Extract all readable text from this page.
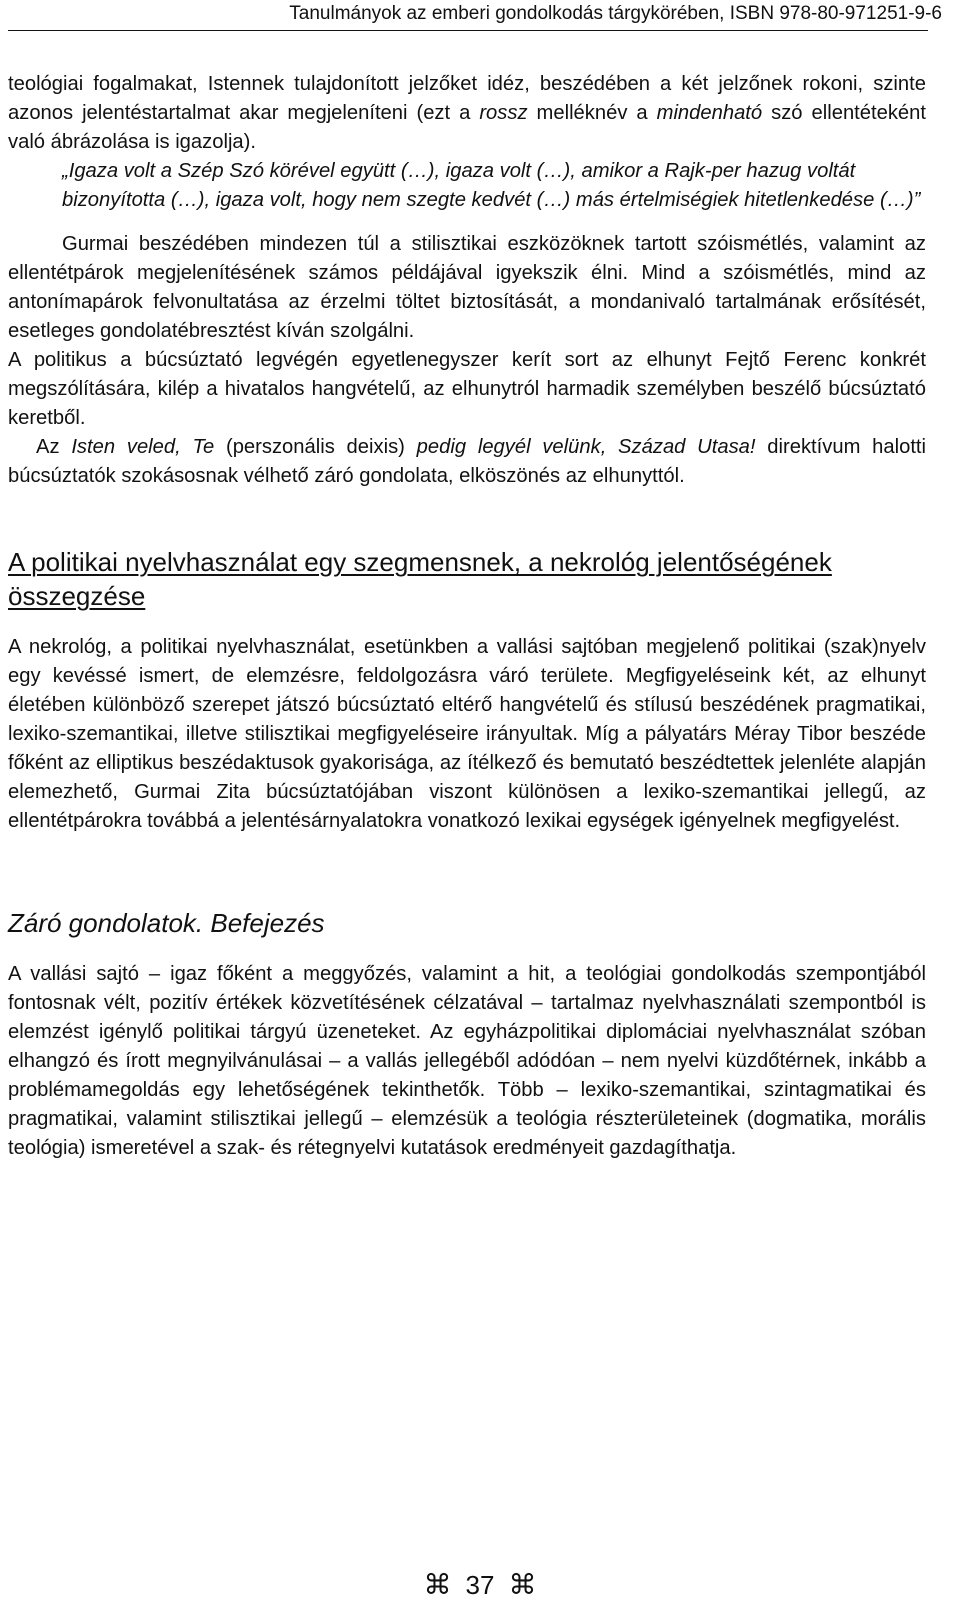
Tanulmányok az emberi gondolkodás tárgykörében, ISBN 978-80-971251-9-6

teológiai fogalmakat, Istennek tulajdonított jelzőket idéz, beszédében a két jelzőnek rokoni, szinte azonos jelentéstartalmat akar megjeleníteni (ezt a rossz melléknév a mindenható szó ellentéteként való ábrázolása is igazolja).

„Igaza volt a Szép Szó körével együtt (…), igaza volt (…), amikor a Rajk-per hazug voltát bizonyította (…), igaza volt, hogy nem szegte kedvét (…) más értelmiségiek hitetlenkedése (…)”

Gurmai beszédében mindezen túl a stilisztikai eszközöknek tartott szóismétlés, valamint az ellentétpárok megjelenítésének számos példájával igyekszik élni. Mind a szóismétlés, mind az antonímapárok felvonultatása az érzelmi töltet biztosítását, a mondanivaló tartalmának erősítését, esetleges gondolatébresztést kíván szolgálni.

A politikus a búcsúztató legvégén egyetlenegyszer kerít sort az elhunyt Fejtő Ferenc konkrét megszólítására, kilép a hivatalos hangvételű, az elhunytról harmadik személyben beszélő búcsúztató keretből.

Az Isten veled, Te (perszonális deixis) pedig legyél velünk, Század Utasa! direktívum halotti búcsúztatók szokásosnak vélhető záró gondolata, elköszönés az elhunyttól.

A politikai nyelvhasználat egy szegmensnek, a nekrológ jelentőségének összegzése

A nekrológ, a politikai nyelvhasználat, esetünkben a vallási sajtóban megjelenő politikai (szak)nyelv egy kevéssé ismert, de elemzésre, feldolgozásra váró területe. Megfigyeléseink két, az elhunyt életében különböző szerepet játszó búcsúztató eltérő hangvételű és stílusú beszédének pragmatikai, lexiko-szemantikai, illetve stilisztikai megfigyeléseire irányultak. Míg a pályatárs Méray Tibor beszéde főként az elliptikus beszédaktusok gyakorisága, az ítélkező és bemutató beszédtettek jelenléte alapján elemezhető, Gurmai Zita búcsúztatójában viszont különösen a lexiko-szemantikai jellegű, az ellentétpárokra továbbá a jelentésárnyalatokra vonatkozó lexikai egységek igényelnek megfigyelést.

Záró gondolatok. Befejezés

A vallási sajtó – igaz főként a meggyőzés, valamint a hit, a teológiai gondolkodás szempontjából fontosnak vélt, pozitív értékek közvetítésének célzatával – tartalmaz nyelvhasználati szempontból is elemzést igénylő politikai tárgyú üzeneteket. Az egyházpolitikai diplomáciai nyelvhasználat szóban elhangzó és írott megnyilvánulásai – a vallás jellegéből adódóan – nem nyelvi küzdőtérnek, inkább a problémamegoldás egy lehetőségének tekinthetők. Több – lexiko-szemantikai, szintagmatikai és pragmatikai, valamint stilisztikai jellegű – elemzésük a teológia részterületeinek (dogmatika, morális teológia) ismeretével a szak- és rétegnyelvi kutatások eredményeit gazdagíthatja.

⌘ 37 ⌘
